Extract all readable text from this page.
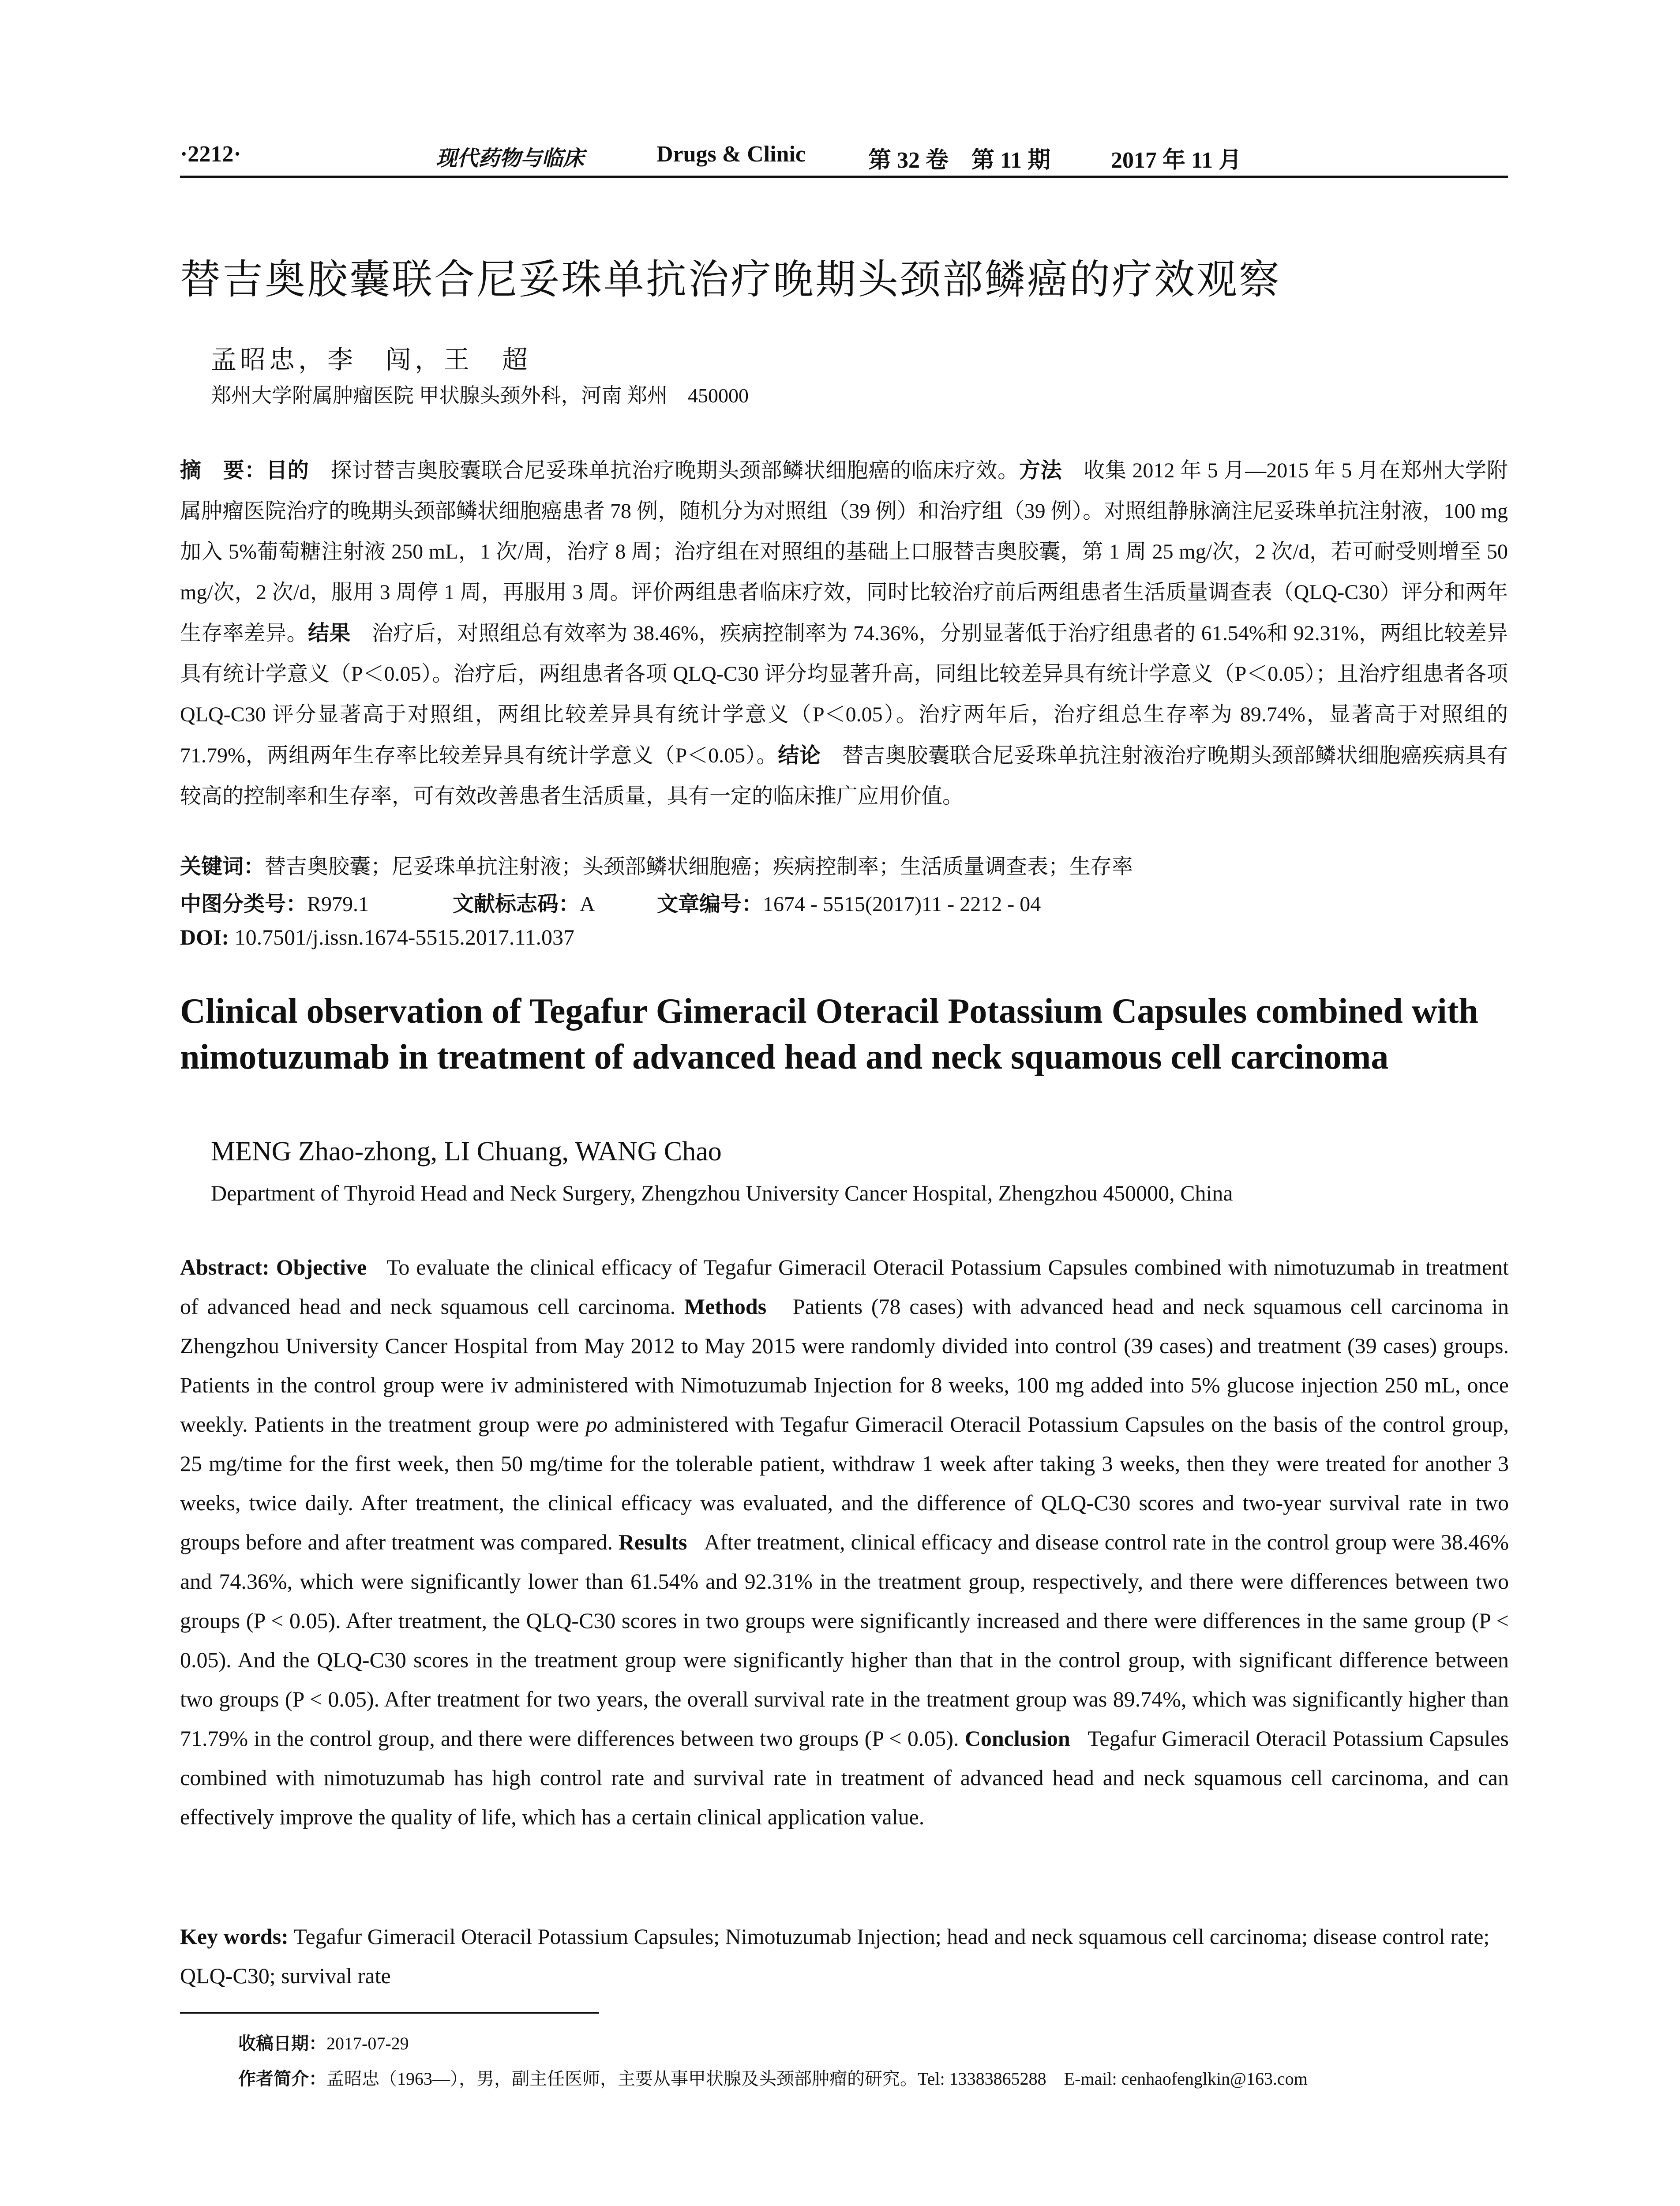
·2212·	现代药物与临床	Drugs & Clinic	第 32 卷　第 11 期	2017 年 11 月
替吉奥胶囊联合尼妥珠单抗治疗晚期头颈部鳞癌的疗效观察
孟昭忠，李　闯，王　超
郑州大学附属肿瘤医院 甲状腺头颈外科，河南 郑州　450000
摘　要：目的　 探讨替吉奥胶囊联合尼妥珠单抗治疗晚期头颈部鳞状细胞癌的临床疗效。方法　 收集 2012 年 5 月—2015 年 5 月在郑州大学附属肿瘤医院治疗的晚期头颈部鳞状细胞癌患者 78 例，随机分为对照组（39 例）和治疗组（39 例）。对照组静脉滴注尼妥珠单抗注射液，100 mg 加入 5%葡萄糖注射液 250 mL，1 次/周，治疗 8 周；治疗组在对照组的基础上口服替吉奥胶囊，第 1 周 25 mg/次，2 次/d，若可耐受则增至 50 mg/次，2 次/d，服用 3 周停 1 周，再服用 3 周。评价两组患者临床疗效，同时比较治疗前后两组患者生活质量调查表（QLQ-C30）评分和两年生存率差异。结果　 治疗后，对照组总有效率为 38.46%，疾病控制率为 74.36%，分别显著低于治疗组患者的 61.54%和 92.31%，两组比较差异具有统计学意义（P＜0.05）。治疗后，两组患者各项 QLQ-C30 评分均显著升高，同组比较差异具有统计学意义（P＜0.05）；且治疗组患者各项 QLQ-C30 评分显著高于对照组，两组比较差异具有统计学意义（P＜0.05）。治疗两年后，治疗组总生存率为 89.74%，显著高于对照组的 71.79%，两组两年生存率比较差异具有统计学意义（P＜0.05）。结论　 替吉奥胶囊联合尼妥珠单抗注射液治疗晚期头颈部鳞状细胞癌疾病具有较高的控制率和生存率，可有效改善患者生活质量，具有一定的临床推广应用价值。
关键词：替吉奥胶囊；尼妥珠单抗注射液；头颈部鳞状细胞癌；疾病控制率；生活质量调查表；生存率
中图分类号：R979.1	文献标志码：A	文章编号：1674 - 5515(2017)11 - 2212 - 04
DOI: 10.7501/j.issn.1674-5515.2017.11.037
Clinical observation of Tegafur Gimeracil Oteracil Potassium Capsules combined with nimotuzumab in treatment of advanced head and neck squamous cell carcinoma
MENG Zhao-zhong, LI Chuang, WANG Chao
Department of Thyroid Head and Neck Surgery, Zhengzhou University Cancer Hospital, Zhengzhou 450000, China
Abstract: Objective To evaluate the clinical efficacy of Tegafur Gimeracil Oteracil Potassium Capsules combined with nimotuzumab in treatment of advanced head and neck squamous cell carcinoma. Methods Patients (78 cases) with advanced head and neck squamous cell carcinoma in Zhengzhou University Cancer Hospital from May 2012 to May 2015 were randomly divided into control (39 cases) and treatment (39 cases) groups. Patients in the control group were iv administered with Nimotuzumab Injection for 8 weeks, 100 mg added into 5% glucose injection 250 mL, once weekly. Patients in the treatment group were po administered with Tegafur Gimeracil Oteracil Potassium Capsules on the basis of the control group, 25 mg/time for the first week, then 50 mg/time for the tolerable patient, withdraw 1 week after taking 3 weeks, then they were treated for another 3 weeks, twice daily. After treatment, the clinical efficacy was evaluated, and the difference of QLQ-C30 scores and two-year survival rate in two groups before and after treatment was compared. Results After treatment, clinical efficacy and disease control rate in the control group were 38.46% and 74.36%, which were significantly lower than 61.54% and 92.31% in the treatment group, respectively, and there were differences between two groups (P < 0.05). After treatment, the QLQ-C30 scores in two groups were significantly increased and there were differences in the same group (P < 0.05). And the QLQ-C30 scores in the treatment group were significantly higher than that in the control group, with significant difference between two groups (P < 0.05). After treatment for two years, the overall survival rate in the treatment group was 89.74%, which was significantly higher than 71.79% in the control group, and there were differences between two groups (P < 0.05). Conclusion Tegafur Gimeracil Oteracil Potassium Capsules combined with nimotuzumab has high control rate and survival rate in treatment of advanced head and neck squamous cell carcinoma, and can effectively improve the quality of life, which has a certain clinical application value.
Key words: Tegafur Gimeracil Oteracil Potassium Capsules; Nimotuzumab Injection; head and neck squamous cell carcinoma; disease control rate; QLQ-C30; survival rate
收稿日期：2017-07-29
作者简介：孟昭忠（1963—），男，副主任医师，主要从事甲状腺及头颈部肿瘤的研究。Tel: 13383865288　E-mail: cenhaofenglkin@163.com
